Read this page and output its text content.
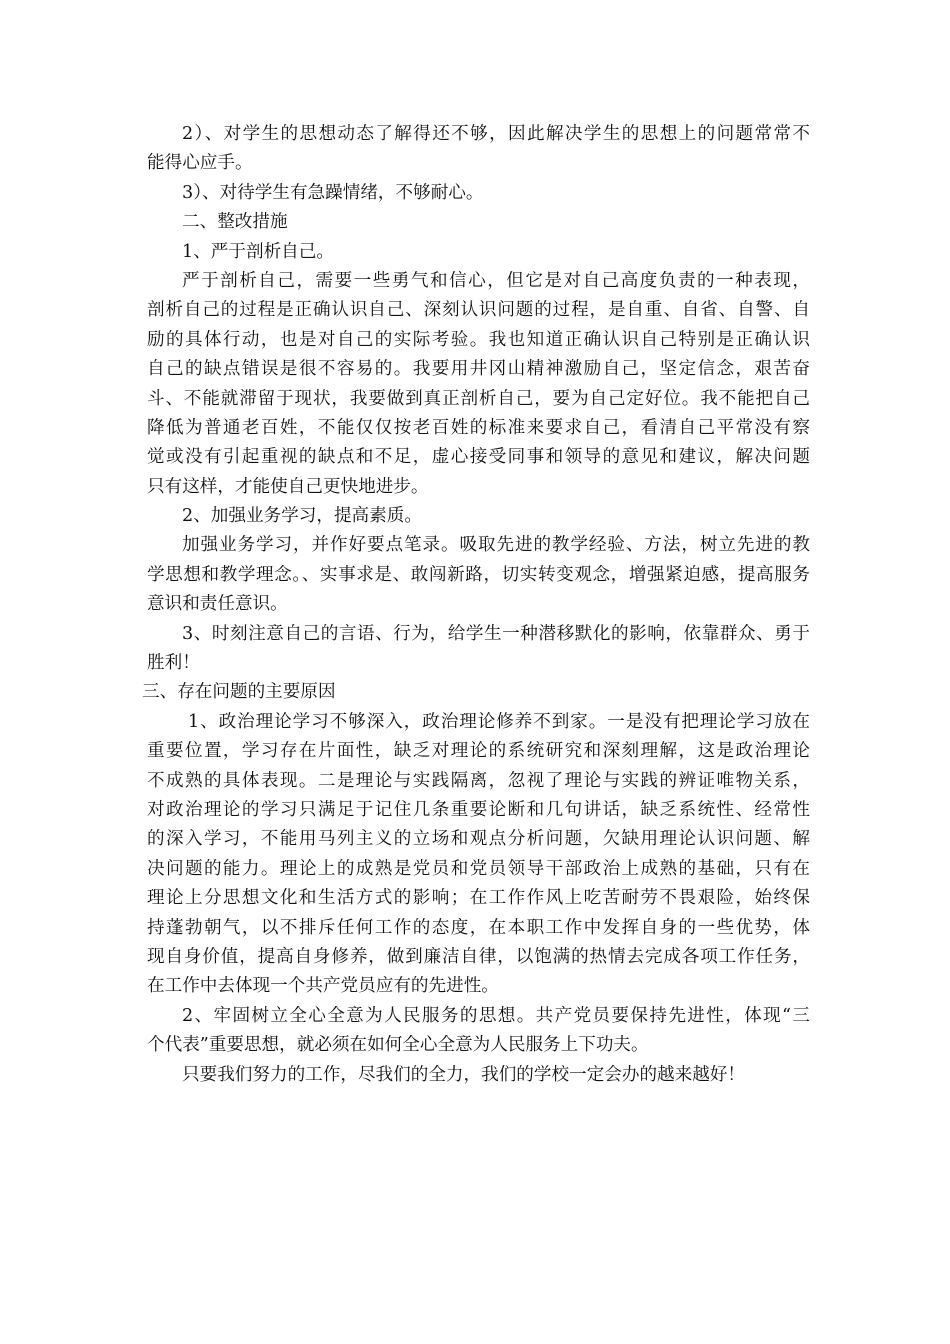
2）、对学生的思想动态了解得还不够，因此解决学生的思想上的问题常常不
能得心应手。
3）、对待学生有急躁情绪，不够耐心。
二、整改措施
1、严于剖析自己。
严于剖析自己，需要一些勇气和信心，但它是对自己高度负责的一种表现，
剖析自己的过程是正确认识自己、深刻认识问题的过程，是自重、自省、自警、自
励的具体行动，也是对自己的实际考验。我也知道正确认识自己特别是正确认识
自己的缺点错误是很不容易的。我要用井冈山精神激励自己，坚定信念，艰苦奋
斗、不能就滞留于现状，我要做到真正剖析自己，要为自己定好位。我不能把自己
降低为普通老百姓，不能仅仅按老百姓的标准来要求自己，看清自己平常没有察
觉或没有引起重视的缺点和不足，虚心接受同事和领导的意见和建议，解决问题
只有这样，才能使自己更快地进步。
2、加强业务学习，提高素质。
加强业务学习，并作好要点笔录。吸取先进的教学经验、方法，树立先进的教
学思想和教学理念。、实事求是、敢闯新路，切实转变观念，增强紧迫感，提高服务
意识和责任意识。
3、时刻注意自己的言语、行为，给学生一种潜移默化的影响，依靠群众、勇于
胜利！
三、存在问题的主要原因
1、政治理论学习不够深入，政治理论修养不到家。一是没有把理论学习放在
重要位置，学习存在片面性，缺乏对理论的系统研究和深刻理解，这是政治理论
不成熟的具体表现。二是理论与实践隔离，忽视了理论与实践的辨证唯物关系，
对政治理论的学习只满足于记住几条重要论断和几句讲话，缺乏系统性、经常性
的深入学习，不能用马列主义的立场和观点分析问题，欠缺用理论认识问题、解
决问题的能力。理论上的成熟是党员和党员领导干部政治上成熟的基础，只有在
理论上分思想文化和生活方式的影响；在工作作风上吃苦耐劳不畏艰险，始终保
持蓬勃朝气，以不排斥任何工作的态度，在本职工作中发挥自身的一些优势，体
现自身价值，提高自身修养，做到廉洁自律，以饱满的热情去完成各项工作任务，
在工作中去体现一个共产党员应有的先进性。
2、牢固树立全心全意为人民服务的思想。共产党员要保持先进性，体现“三
个代表”重要思想，就必须在如何全心全意为人民服务上下功夫。
只要我们努力的工作，尽我们的全力，我们的学校一定会办的越来越好！
